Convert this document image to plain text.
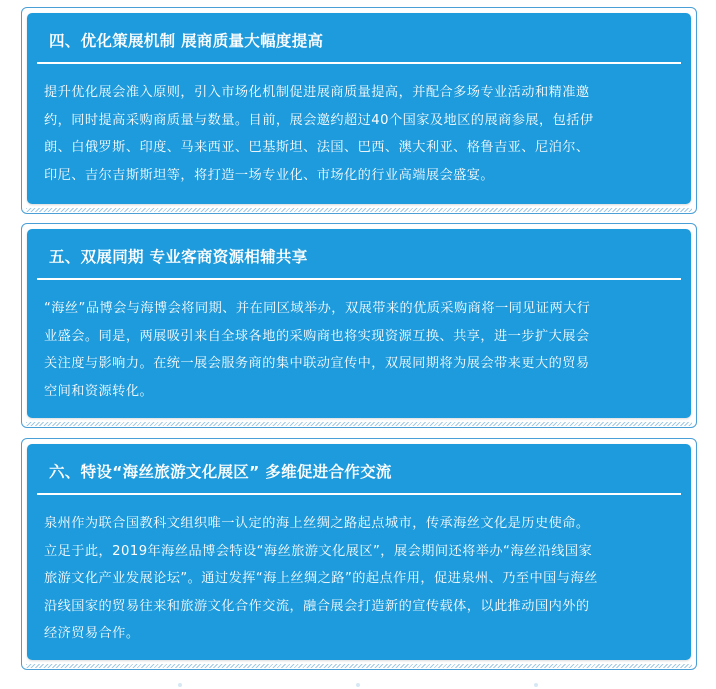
四、优化策展机制 展商质量大幅度提高
提升优化展会准入原则，引入市场化机制促进展商质量提高，并配合多场专业活动和精准邀
约，同时提高采购商质量与数量。目前，展会邀约超过40个国家及地区的展商参展，包括伊
朗、白俄罗斯、印度、马来西亚、巴基斯坦、法国、巴西、澳大利亚、格鲁吉亚、尼泊尔、
印尼、吉尔吉斯斯坦等，将打造一场专业化、市场化的行业高端展会盛宴。
五、双展同期 专业客商资源相辅共享
“海丝”品博会与海博会将同期、并在同区域举办，双展带来的优质采购商将一同见证两大行
业盛会。同是，两展吸引来自全球各地的采购商也将实现资源互换、共享，进一步扩大展会
关注度与影响力。在统一展会服务商的集中联动宣传中，双展同期将为展会带来更大的贸易
空间和资源转化。
六、特设“海丝旅游文化展区” 多维促进合作交流
泉州作为联合国教科文组织唯一认定的海上丝绸之路起点城市，传承海丝文化是历史使命。
立足于此，2019年海丝品博会特设“海丝旅游文化展区”，展会期间还将举办“海丝沿线国家
旅游文化产业发展论坛”。通过发挥“海上丝绸之路”的起点作用，促进泉州、乃至中国与海丝
沿线国家的贸易往来和旅游文化合作交流，融合展会打造新的宣传载体，以此推动国内外的
经济贸易合作。
